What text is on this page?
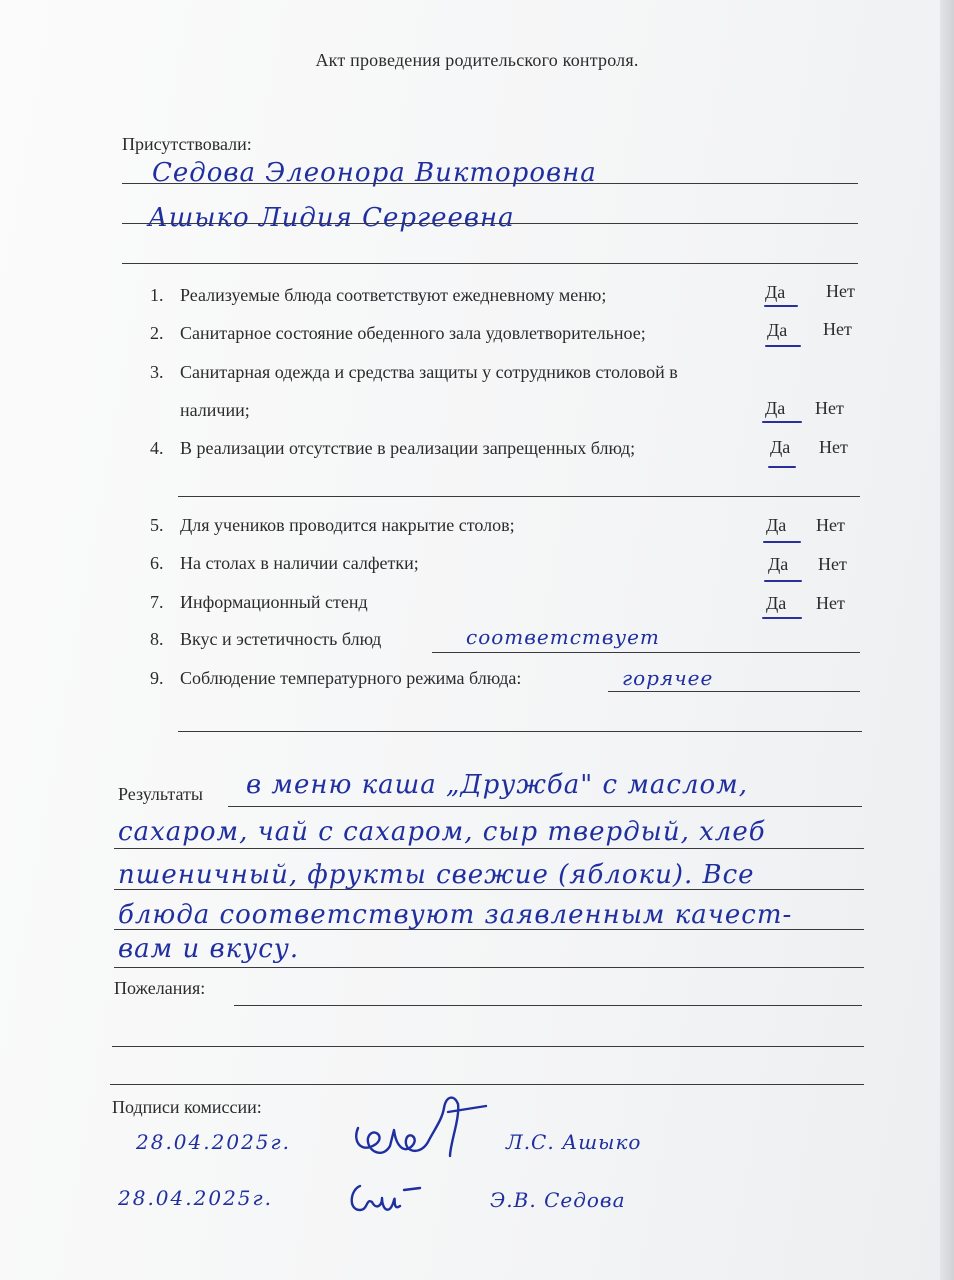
Акт проведения родительского контроля.
Присутствовали:
Седова Элеонора Викторовна
Ашыко Лидия Сергеевна
1. Реализуемые блюда соответствуют ежедневному меню;	Да Нет
2. Санитарное состояние обеденного зала удовлетворительное;	Да Нет
3. Санитарная одежда и средства защиты у сотрудников столовой в
наличии;	Да Нет
4. В реализации отсутствие в реализации запрещенных блюд;	Да Нет
5. Для учеников проводится накрытие столов;	Да Нет
6. На столах в наличии салфетки;	Да Нет
7. Информационный стенд	Да Нет
8. Вкус и эстетичность блюд	соответствует
9. Соблюдение температурного режима блюда:	горячее
Результаты в меню каша „Дружба" с маслом,
сахаром, чай с сахаром, сыр твердый, хлеб
пшеничный, фрукты свежие (яблоки). Все
блюда соответствуют заявленным качест-
вам и вкусу.
Пожелания:
Подписи комиссии:
28.04.2025г.	Л.С. Ашыко
28.04.2025г.	Э.В. Седова
